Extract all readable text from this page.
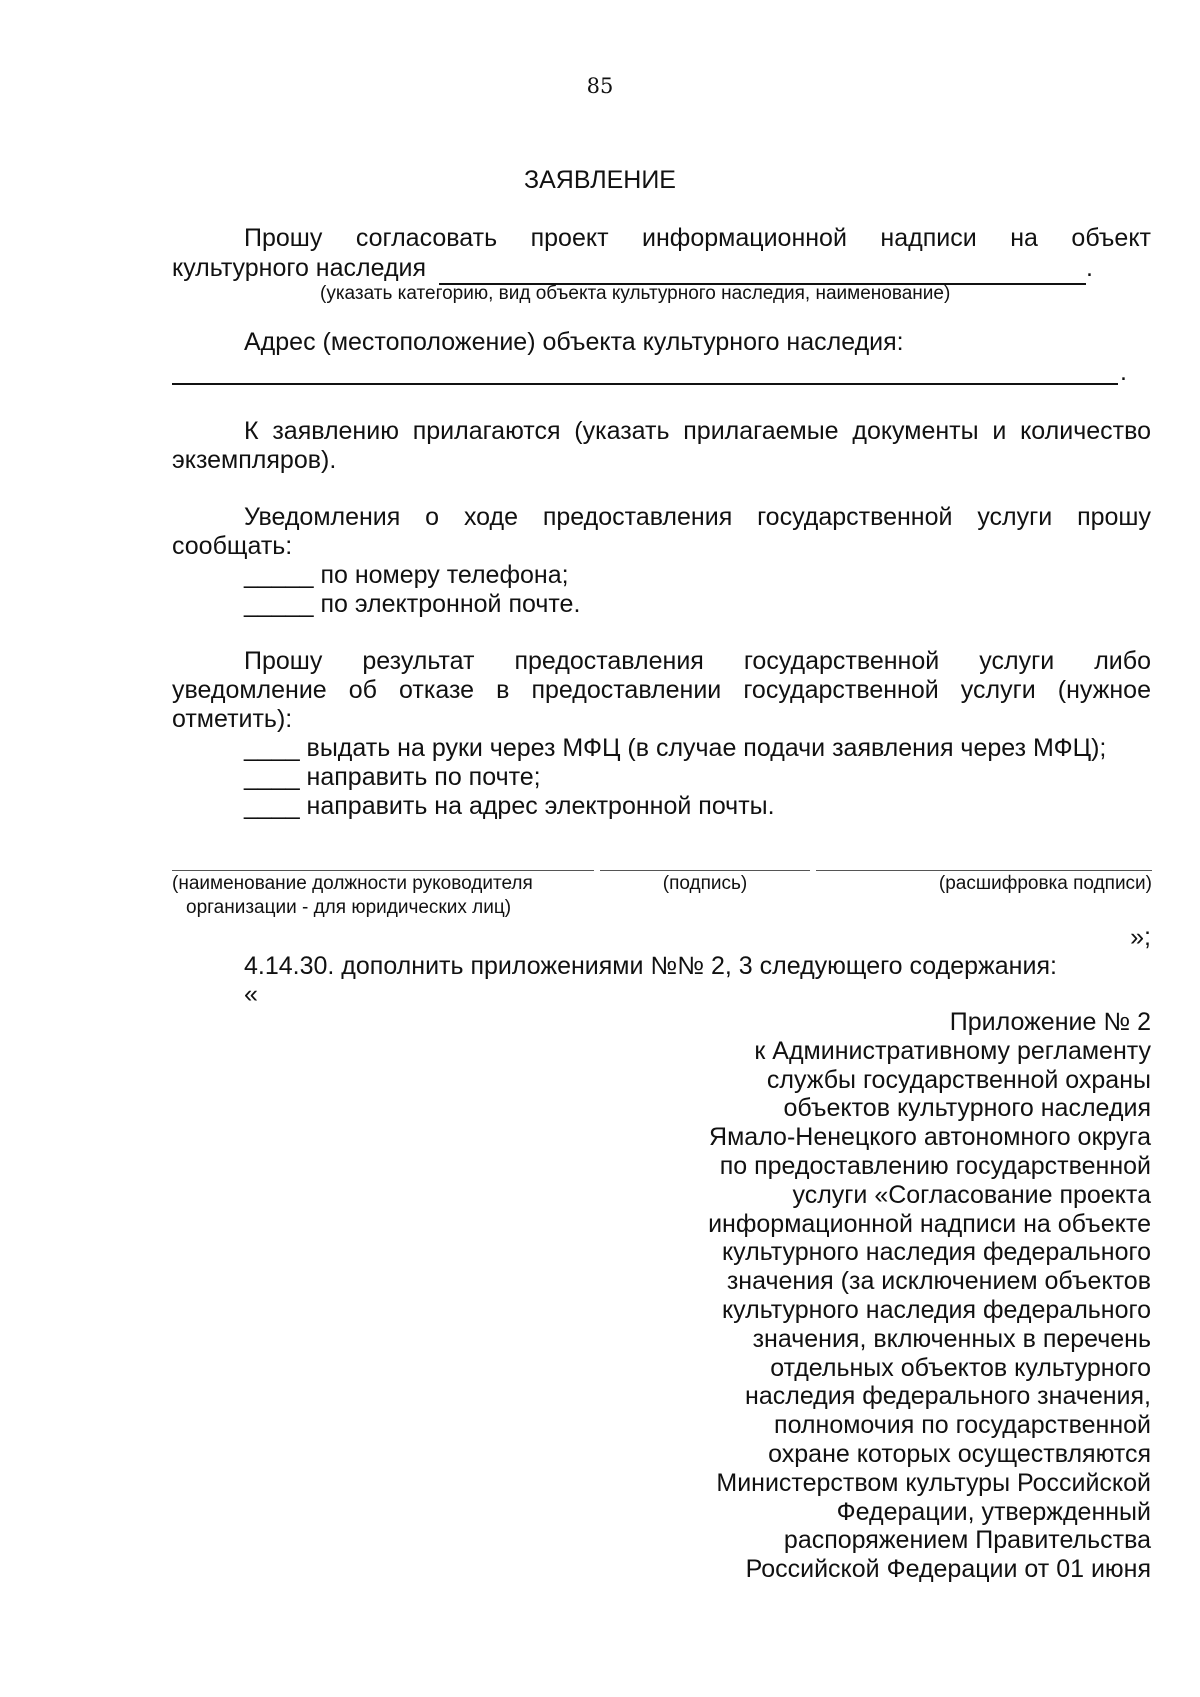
85
ЗАЯВЛЕНИЕ
Прошу согласовать проект информационной надписи на объект
культурного наследия	.
(указать категорию, вид объекта культурного наследия, наименование)
Адрес (местоположение) объекта культурного наследия:
.
К заявлению прилагаются (указать прилагаемые документы и количество
экземпляров).
Уведомления о ходе предоставления государственной услуги прошу
сообщать:
_____ по номеру телефона;
_____ по электронной почте.
Прошу результат предоставления государственной услуги либо
уведомление об отказе в предоставлении государственной услуги (нужное
отметить):
____ выдать на руки через МФЦ (в случае подачи заявления через МФЦ);
____ направить по почте;
____ направить на адрес электронной почты.
(наименование должности руководителя
организации - для юридических лиц)
(подпись)	(расшифровка подписи)
»;
4.14.30. дополнить приложениями №№ 2, 3 следующего содержания:
«
Приложение № 2
к Административному регламенту
службы государственной охраны
объектов культурного наследия
Ямало-Ненецкого автономного округа
по предоставлению государственной
услуги «Согласование проекта
информационной надписи на объекте
культурного наследия федерального
значения (за исключением объектов
культурного наследия федерального
значения, включенных в перечень
отдельных объектов культурного
наследия федерального значения,
полномочия по государственной
охране которых осуществляются
Министерством культуры Российской
Федерации, утвержденный
распоряжением Правительства
Российской Федерации от 01 июня
